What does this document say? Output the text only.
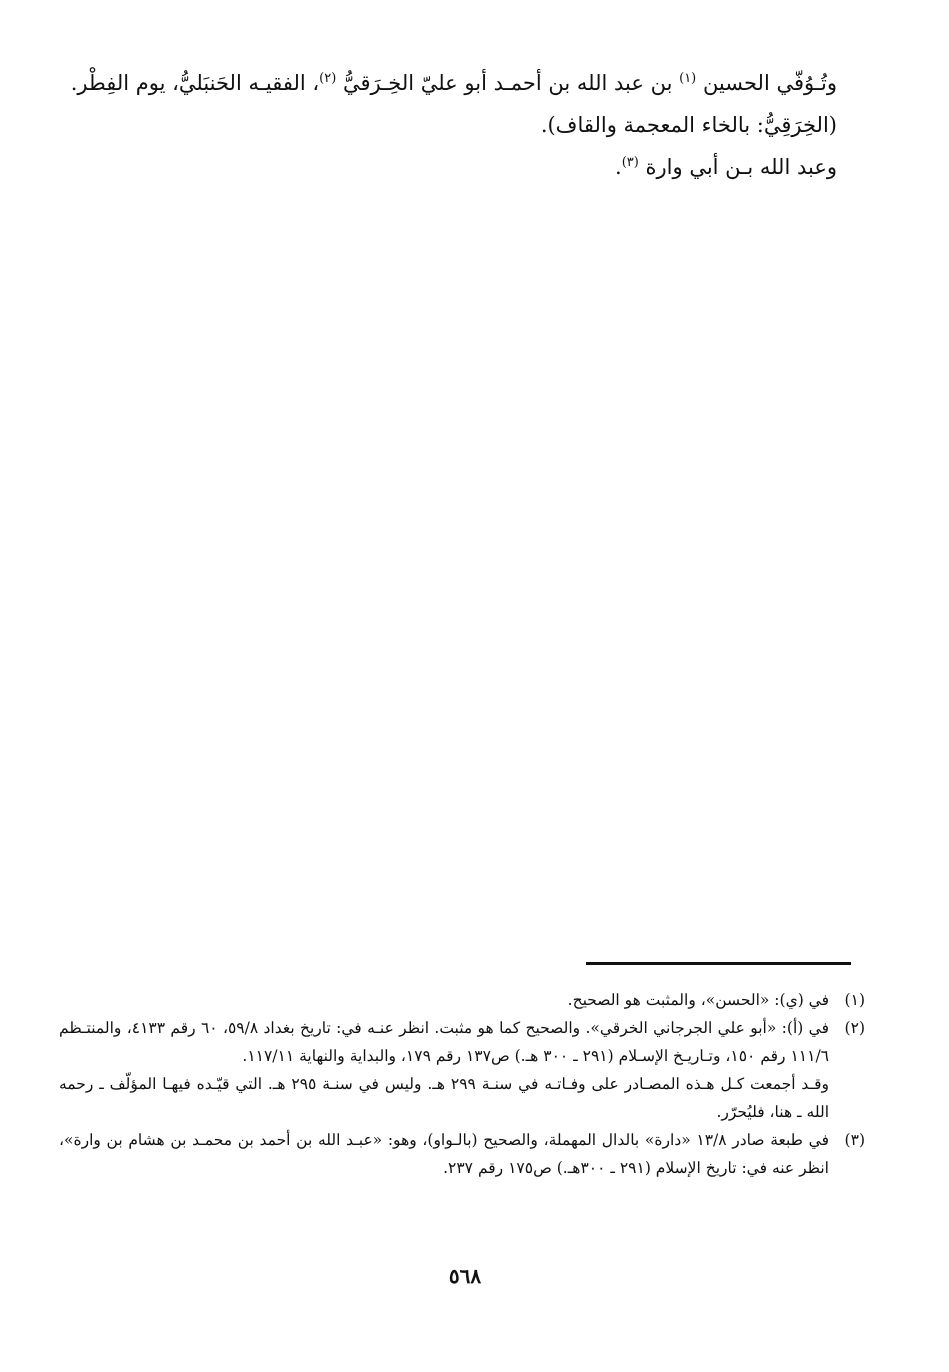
وتُـوُفّي الحسين $^{(١)}$ بن عبد الله بن أحمـد أبو عليّ الخِـرَقيُّ $^{(٢)}$، الفقيـه الحَنبَليُّ، يوم الفِطْر.

(الخِرَقِيُّ: بالخاء المعجمة والقاف).

وعبد الله بـن أبي وارة $^{(٣)}$.

(١)

في (ي): «الحسن»، والمثبت هو الصحيح.

(٢)

في (أ): «أبو علي الجرجاني الخرقي». والصحيح كما هو مثبت. انظر عنـه في: تاريخ بغداد ٥٩/٨، ٦٠ رقم ٤١٣٣، والمنتـظم ١١١/٦ رقم ١٥٠، وتـاريـخ الإسـلام (٢٩١ ـ ٣٠٠ هـ.) ص١٣٧ رقم ١٧٩، والبداية والنهاية ١١٧/١١.

وقـد أجمعت كـل هـذه المصـادر على وفـاتـه في سنـة ٢٩٩ هـ. وليس في سنـة ٢٩٥ هـ. التي قيّـده فيهـا المؤلّف ـ رحمه الله ـ هنا، فليُحرّر.

(٣)

في طبعة صادر ١٣/٨ «دارة» بالدال المهملة، والصحيح (بالـواو)، وهو: «عبـد الله بن أحمد بن محمـد بن هشام بن وارة»، انظر عنه في: تاريخ الإسلام (٢٩١ ـ ٣٠٠هـ.) ص١٧٥ رقم ٢٣٧.

٥٦٨
